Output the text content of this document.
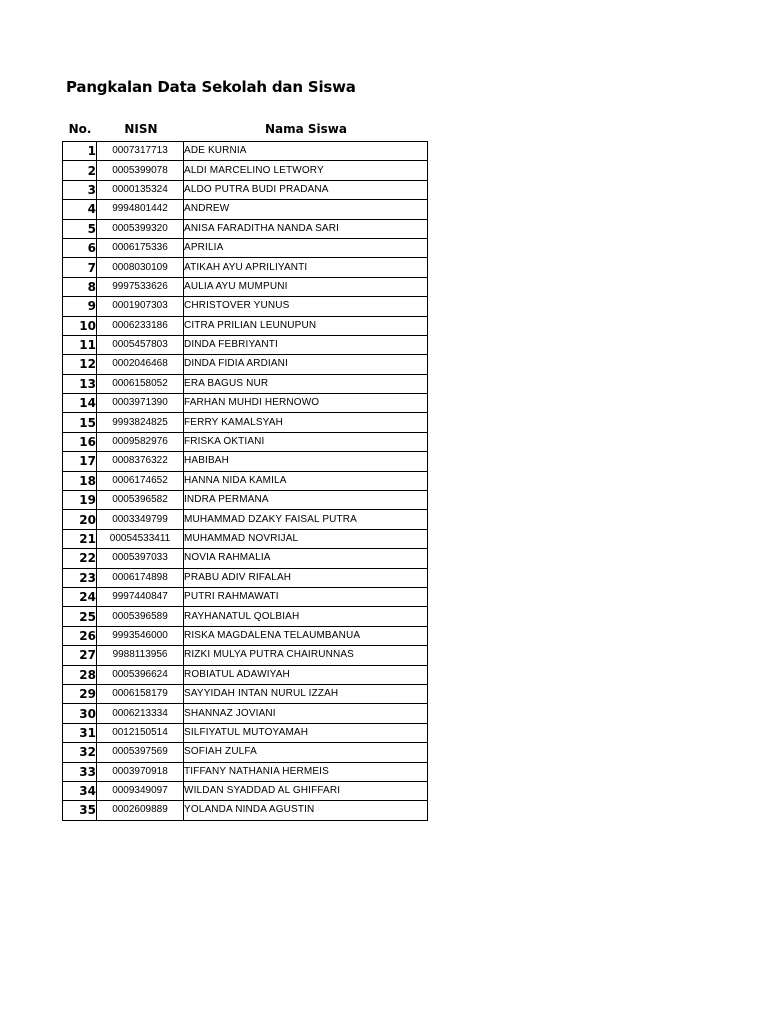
Pangkalan Data Sekolah dan Siswa
No.	NISN	Nama Siswa
1	0007317713	ADE KURNIA
2	0005399078	ALDI MARCELINO LETWORY
3	0000135324	ALDO PUTRA BUDI PRADANA
4	9994801442	ANDREW
5	0005399320	ANISA FARADITHA NANDA SARI
6	0006175336	APRILIA
7	0008030109	ATIKAH AYU APRILIYANTI
8	9997533626	AULIA AYU MUMPUNI
9	0001907303	CHRISTOVER YUNUS
10	0006233186	CITRA PRILIAN LEUNUPUN
11	0005457803	DINDA FEBRIYANTI
12	0002046468	DINDA FIDIA ARDIANI
13	0006158052	ERA BAGUS NUR
14	0003971390	FARHAN MUHDI HERNOWO
15	9993824825	FERRY KAMALSYAH
16	0009582976	FRISKA OKTIANI
17	0008376322	HABIBAH
18	0006174652	HANNA NIDA KAMILA
19	0005396582	INDRA PERMANA
20	0003349799	MUHAMMAD DZAKY FAISAL PUTRA
21	00054533411	MUHAMMAD NOVRIJAL
22	0005397033	NOVIA RAHMALIA
23	0006174898	PRABU ADIV RIFALAH
24	9997440847	PUTRI RAHMAWATI
25	0005396589	RAYHANATUL QOLBIAH
26	9993546000	RISKA MAGDALENA TELAUMBANUA
27	9988113956	RIZKI MULYA PUTRA CHAIRUNNAS
28	0005396624	ROBIATUL ADAWIYAH
29	0006158179	SAYYIDAH INTAN NURUL IZZAH
30	0006213334	SHANNAZ JOVIANI
31	0012150514	SILFIYATUL MUTOYAMAH
32	0005397569	SOFIAH ZULFA
33	0003970918	TIFFANY NATHANIA HERMEIS
34	0009349097	WILDAN SYADDAD AL GHIFFARI
35	0002609889	YOLANDA NINDA AGUSTIN
